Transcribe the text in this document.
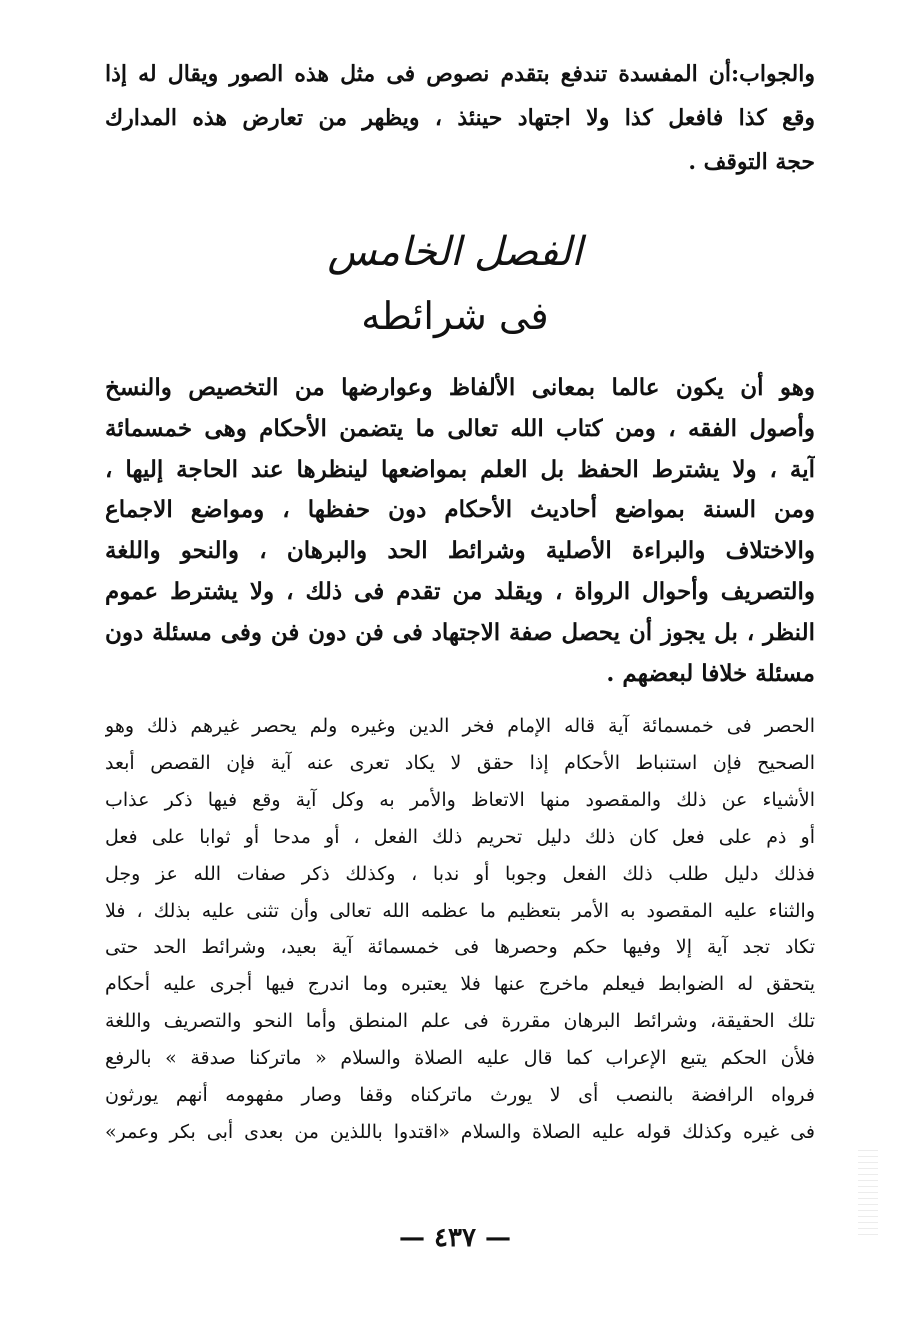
والجواب:أن المفسدة تندفع بتقدم نصوص فى مثل هذه الصور ويقال له إذا
وقع كذا فافعل كذا ولا اجتهاد حينئذ ، ويظهر من تعارض هذه المدارك
حجة التوقف .
الفصل الخامس
فى شرائطه
وهو أن يكون عالما بمعانى الألفاظ وعوارضها من التخصيص والنسخ
وأصول الفقه ، ومن كتاب الله تعالى ما يتضمن الأحكام وهى خمسمائة
آية ، ولا يشترط الحفظ بل العلم بمواضعها لينظرها عند الحاجة إليها ،
ومن السنة بمواضع أحاديث الأحكام دون حفظها ، ومواضع الاجماع
والاختلاف والبراءة الأصلية وشرائط الحد والبرهان ، والنحو واللغة
والتصريف وأحوال الرواة ، ويقلد من تقدم فى ذلك ، ولا يشترط عموم
النظر ، بل يجوز أن يحصل صفة الاجتهاد فى فن دون فن وفى مسئلة دون
مسئلة خلافا لبعضهم .
الحصر فى خمسمائة آية قاله الإمام فخر الدين وغيره ولم يحصر غيرهم ذلك وهو
الصحيح فإن استنباط الأحكام إذا حقق لا يكاد تعرى عنه آية فإن القصص أبعد
الأشياء عن ذلك والمقصود منها الاتعاظ والأمر به وكل آية وقع فيها ذكر عذاب
أو ذم على فعل كان ذلك دليل تحريم ذلك الفعل ، أو مدحا أو ثوابا على فعل
فذلك دليل طلب ذلك الفعل وجوبا أو ندبا ، وكذلك ذكر صفات الله عز وجل
والثناء عليه المقصود به الأمر بتعظيم ما عظمه الله تعالى وأن تثنى عليه بذلك ، فلا
تكاد تجد آية إلا وفيها حكم وحصرها فى خمسمائة آية بعيد، وشرائط الحد حتى
يتحقق له الضوابط فيعلم ماخرج عنها فلا يعتبره وما اندرج فيها أجرى عليه أحكام
تلك الحقيقة، وشرائط البرهان مقررة فى علم المنطق وأما النحو والتصريف واللغة
فلأن الحكم يتبع الإعراب كما قال عليه الصلاة والسلام « ماتركنا صدقة » بالرفع
فرواه الرافضة بالنصب أى لا يورث ماتركناه وقفا وصار مفهومه أنهم يورثون
فى غيره وكذلك قوله عليه الصلاة والسلام «اقتدوا باللذين من بعدى أبى بكر وعمر»
— ٤٣٧ —
